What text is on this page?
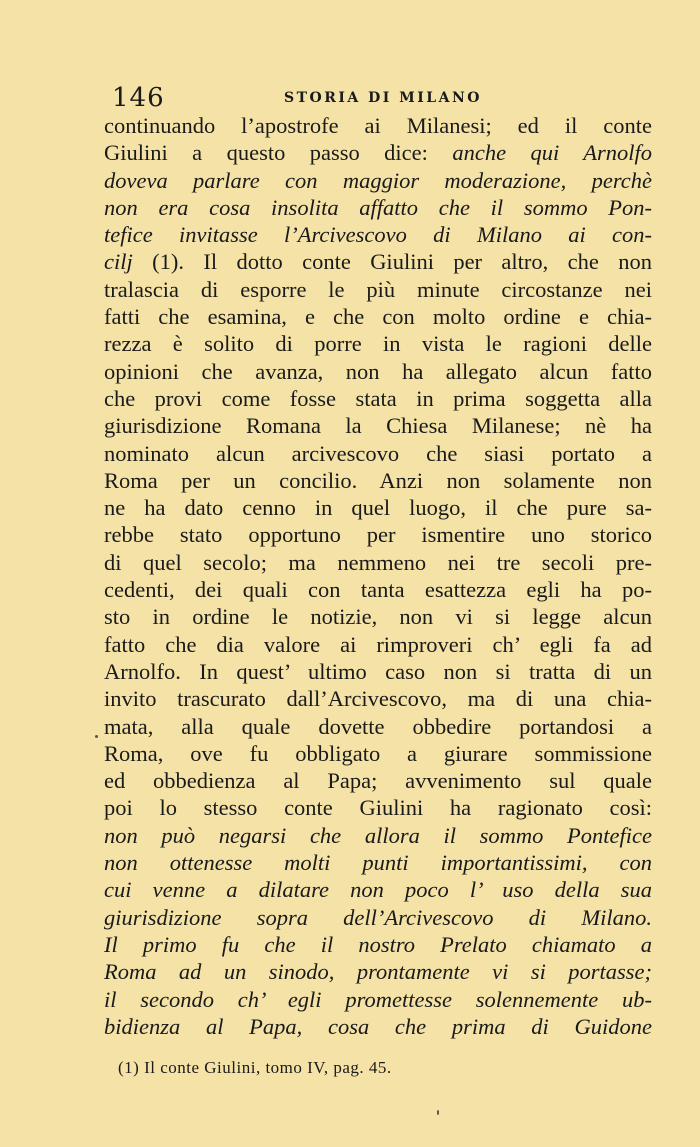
146	STORIA DI MILANO
continuando l’apostrofe ai Milanesi; ed il conte
Giulini a questo passo dice: anche qui Arnolfo
doveva parlare con maggior moderazione, perchè
non era cosa insolita affatto che il sommo Pon-
tefice invitasse l’Arcivescovo di Milano ai con-
cilj (1). Il dotto conte Giulini per altro, che non
tralascia di esporre le più minute circostanze nei
fatti che esamina, e che con molto ordine e chia-
rezza è solito di porre in vista le ragioni delle
opinioni che avanza, non ha allegato alcun fatto
che provi come fosse stata in prima soggetta alla
giurisdizione Romana la Chiesa Milanese; nè ha
nominato alcun arcivescovo che siasi portato a
Roma per un concilio. Anzi non solamente non
ne ha dato cenno in quel luogo, il che pure sa-
rebbe stato opportuno per ismentire uno storico
di quel secolo; ma nemmeno nei tre secoli pre-
cedenti, dei quali con tanta esattezza egli ha po-
sto in ordine le notizie, non vi si legge alcun
fatto che dia valore ai rimproveri ch’ egli fa ad
Arnolfo. In quest’ ultimo caso non si tratta di un
invito trascurato dall’Arcivescovo, ma di una chia-
mata, alla quale dovette obbedire portandosi a
Roma, ove fu obbligato a giurare sommissione
ed obbedienza al Papa; avvenimento sul quale
poi lo stesso conte Giulini ha ragionato così:
non può negarsi che allora il sommo Pontefice
non ottenesse molti punti importantissimi, con
cui venne a dilatare non poco l’ uso della sua
giurisdizione sopra dell’Arcivescovo di Milano.
Il primo fu che il nostro Prelato chiamato a
Roma ad un sinodo, prontamente vi si portasse;
il secondo ch’ egli promettesse solennemente ub-
bidienza al Papa, cosa che prima di Guidone
(1) Il conte Giulini, tomo IV, pag. 45.
